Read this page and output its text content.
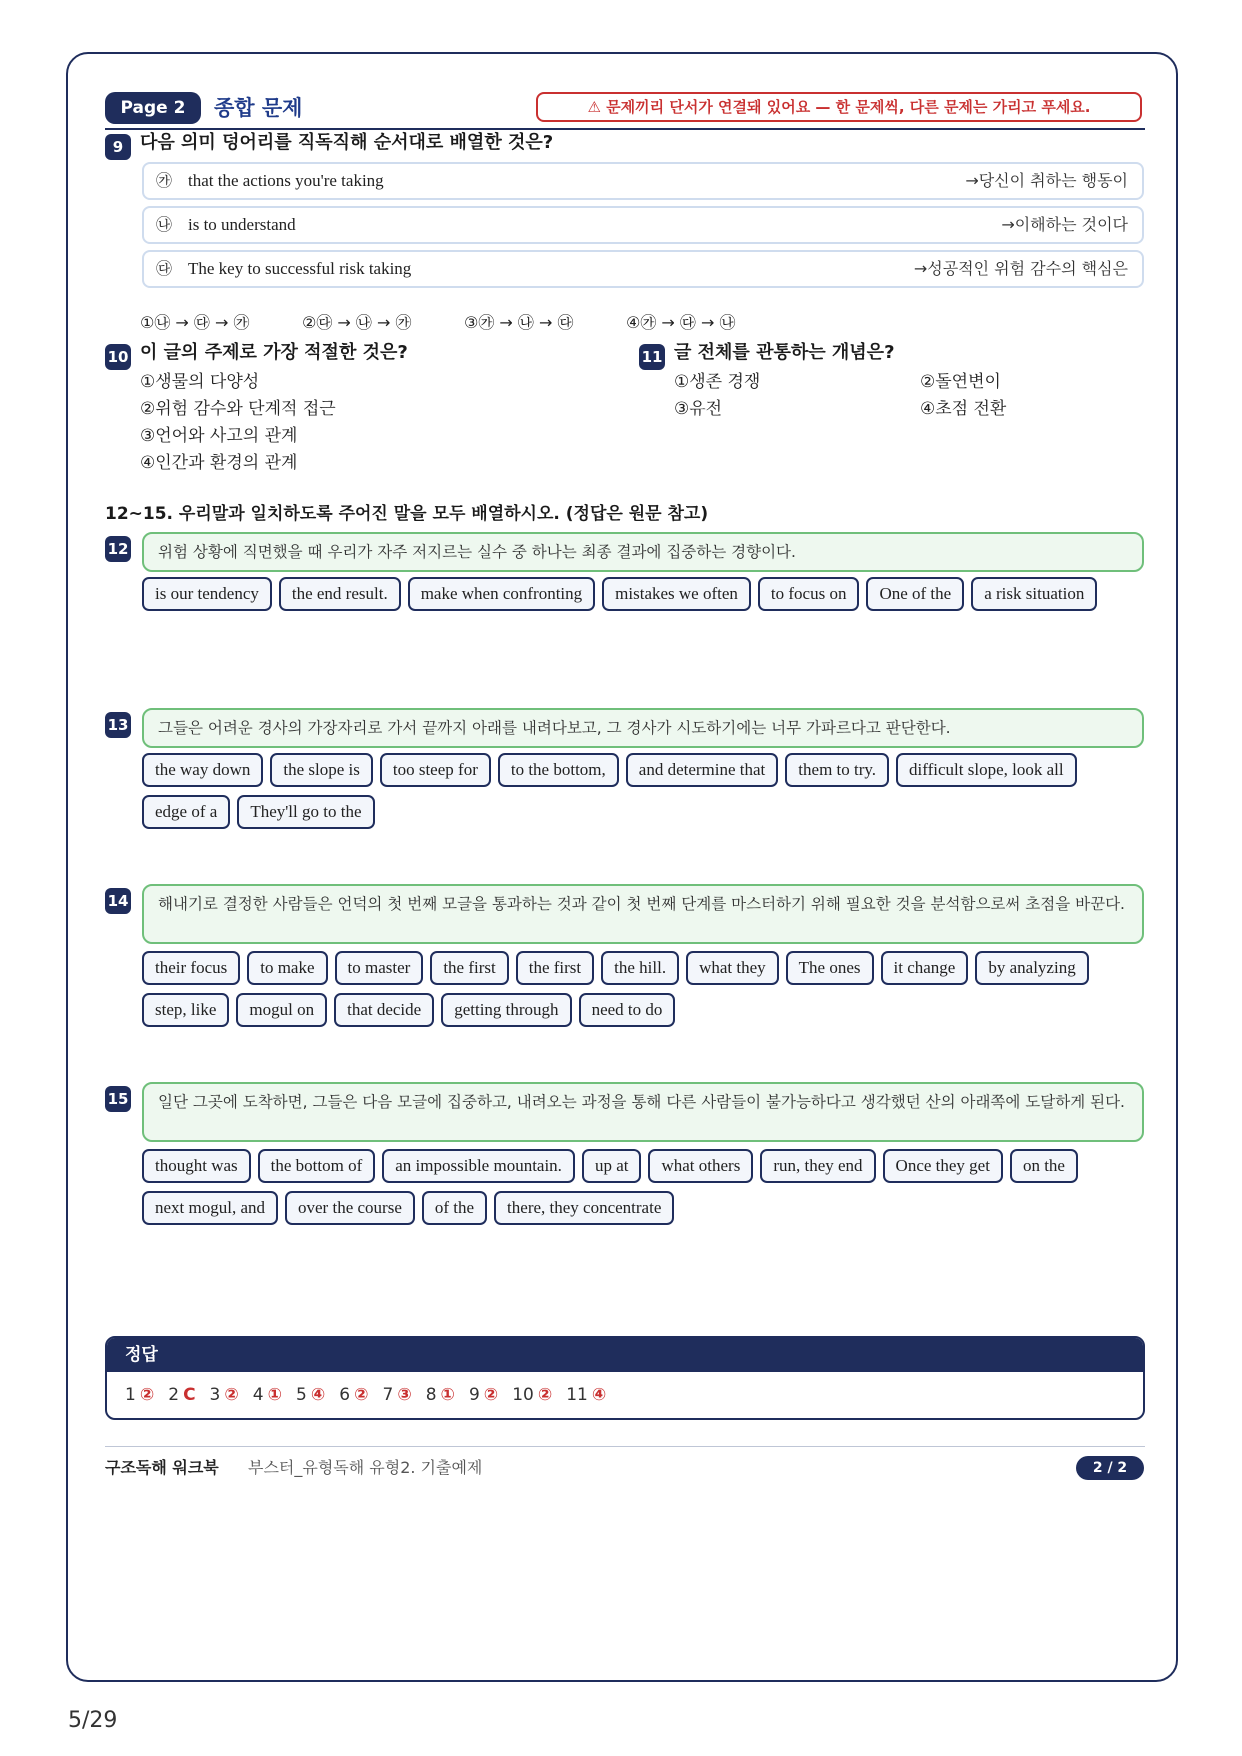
Page 2	종합 문제	⚠ 문제끼리 단서가 연결돼 있어요 — 한 문제씩, 다른 문제는 가리고 푸세요.
9 다음 의미 덩어리를 직독직해 순서대로 배열한 것은?
㉮ that the actions you're taking	→당신이 취하는 행동이
㉯ is to understand	→이해하는 것이다
㉰ The key to successful risk taking	→성공적인 위험 감수의 핵심은
①㉯ → ㉰ → ㉮	②㉰ → ㉯ → ㉮	③㉮ → ㉯ → ㉰	④㉮ → ㉰ → ㉯
10 이 글의 주제로 가장 적절한 것은?
①생물의 다양성
②위험 감수와 단계적 접근
③언어와 사고의 관계
④인간과 환경의 관계
11 글 전체를 관통하는 개념은?
①생존 경쟁	②돌연변이
③유전	④초점 전환
12~15. 우리말과 일치하도록 주어진 말을 모두 배열하시오. (정답은 원문 참고)
12	위험 상황에 직면했을 때 우리가 자주 저지르는 실수 중 하나는 최종 결과에 집중하는 경향이다.
is our tendency	the end result.	make when confronting	mistakes we often	to focus on	One of the	a risk situation
13	그들은 어려운 경사의 가장자리로 가서 끝까지 아래를 내려다보고, 그 경사가 시도하기에는 너무 가파르다고 판단한다.
the way down	the slope is	too steep for	to the bottom,	and determine that	them to try.	difficult slope, look all
edge of a	They'll go to the
14	해내기로 결정한 사람들은 언덕의 첫 번째 모글을 통과하는 것과 같이 첫 번째 단계를 마스터하기 위해 필요한 것을 분석함으로써 초점을 바꾼다.
their focus	to make	to master	the first	the first	the hill.	what they	The ones	it change	by analyzing
step, like	mogul on	that decide	getting through	need to do
15	일단 그곳에 도착하면, 그들은 다음 모글에 집중하고, 내려오는 과정을 통해 다른 사람들이 불가능하다고 생각했던 산의 아래쪽에 도달하게 된다.
thought was	the bottom of	an impossible mountain.	up at	what others	run, they end	Once they get	on the
next mogul, and	over the course	of the	there, they concentrate
정답
1 ② 2 C 3 ② 4 ① 5 ④ 6 ② 7 ③ 8 ① 9 ② 10 ② 11 ④
구조독해 워크북 부스터_유형독해 유형2. 기출예제	2 / 2
5/29
